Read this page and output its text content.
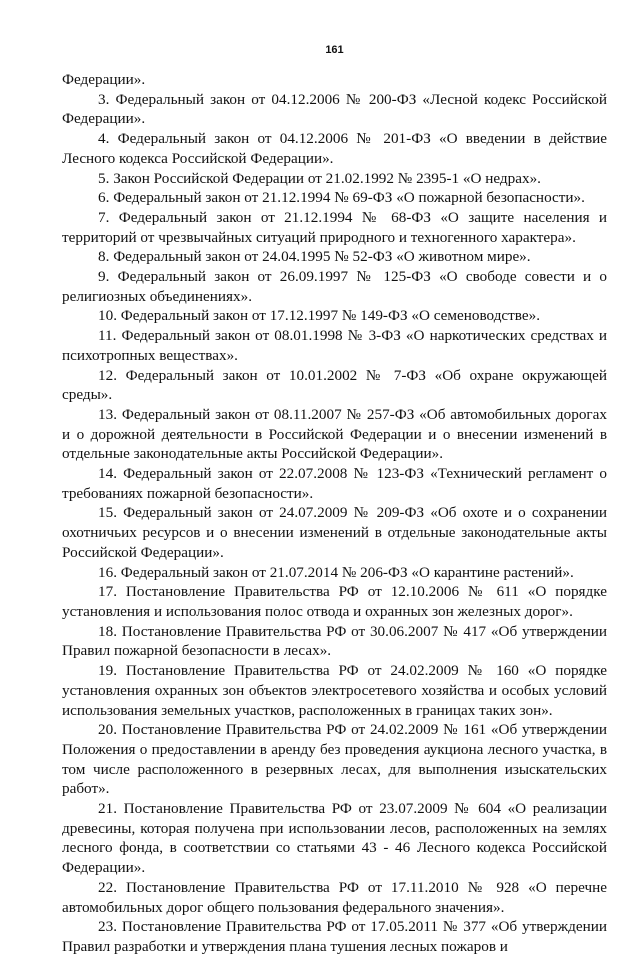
161

Федерации».

3. Федеральный закон от 04.12.2006 № 200-ФЗ «Лесной кодекс Российской Федерации».

4. Федеральный закон от 04.12.2006 № 201-ФЗ «О введении в действие Лесного кодекса Российской Федерации».

5. Закон Российской Федерации от 21.02.1992 № 2395-1 «О недрах».

6. Федеральный закон от 21.12.1994 № 69-ФЗ «О пожарной безопасности».

7. Федеральный закон от 21.12.1994 № 68-ФЗ «О защите населения и территорий от чрезвычайных ситуаций природного и техногенного характера».

8. Федеральный закон от 24.04.1995 № 52-ФЗ «О животном мире».

9. Федеральный закон от 26.09.1997 № 125-ФЗ «О свободе совести и о религиозных объединениях».

10. Федеральный закон от 17.12.1997 № 149-ФЗ «О семеноводстве».

11. Федеральный закон от 08.01.1998 № 3-ФЗ «О наркотических средствах и психотропных веществах».

12. Федеральный закон от 10.01.2002 № 7-ФЗ «Об охране окружающей среды».

13. Федеральный закон от 08.11.2007 № 257-ФЗ «Об автомобильных дорогах и о дорожной деятельности в Российской Федерации и о внесении изменений в отдельные законодательные акты Российской Федерации».

14. Федеральный закон от 22.07.2008 № 123-ФЗ «Технический регламент о требованиях пожарной безопасности».

15. Федеральный закон от 24.07.2009 № 209-ФЗ «Об охоте и о сохранении охотничьих ресурсов и о внесении изменений в отдельные законодательные акты Российской Федерации».

16. Федеральный закон от 21.07.2014 № 206-ФЗ «О карантине растений».

17. Постановление Правительства РФ от 12.10.2006 № 611 «О порядке установления и использования полос отвода и охранных зон железных дорог».

18. Постановление Правительства РФ от 30.06.2007 № 417 «Об утверждении Правил пожарной безопасности в лесах».

19. Постановление Правительства РФ от 24.02.2009 № 160 «О порядке установления охранных зон объектов электросетевого хозяйства и особых условий использования земельных участков, расположенных в границах таких зон».

20. Постановление Правительства РФ от 24.02.2009 № 161 «Об утверждении Положения о предоставлении в аренду без проведения аукциона лесного участка, в том числе расположенного в резервных лесах, для выполнения изыскательских работ».

21. Постановление Правительства РФ от 23.07.2009 № 604 «О реализации древесины, которая получена при использовании лесов, расположенных на землях лесного фонда, в соответствии со статьями 43 - 46 Лесного кодекса Российской Федерации».

22. Постановление Правительства РФ от 17.11.2010 № 928 «О перечне автомобильных дорог общего пользования федерального значения».

23. Постановление Правительства РФ от 17.05.2011 № 377 «Об утверждении Правил разработки и утверждения плана тушения лесных пожаров и
